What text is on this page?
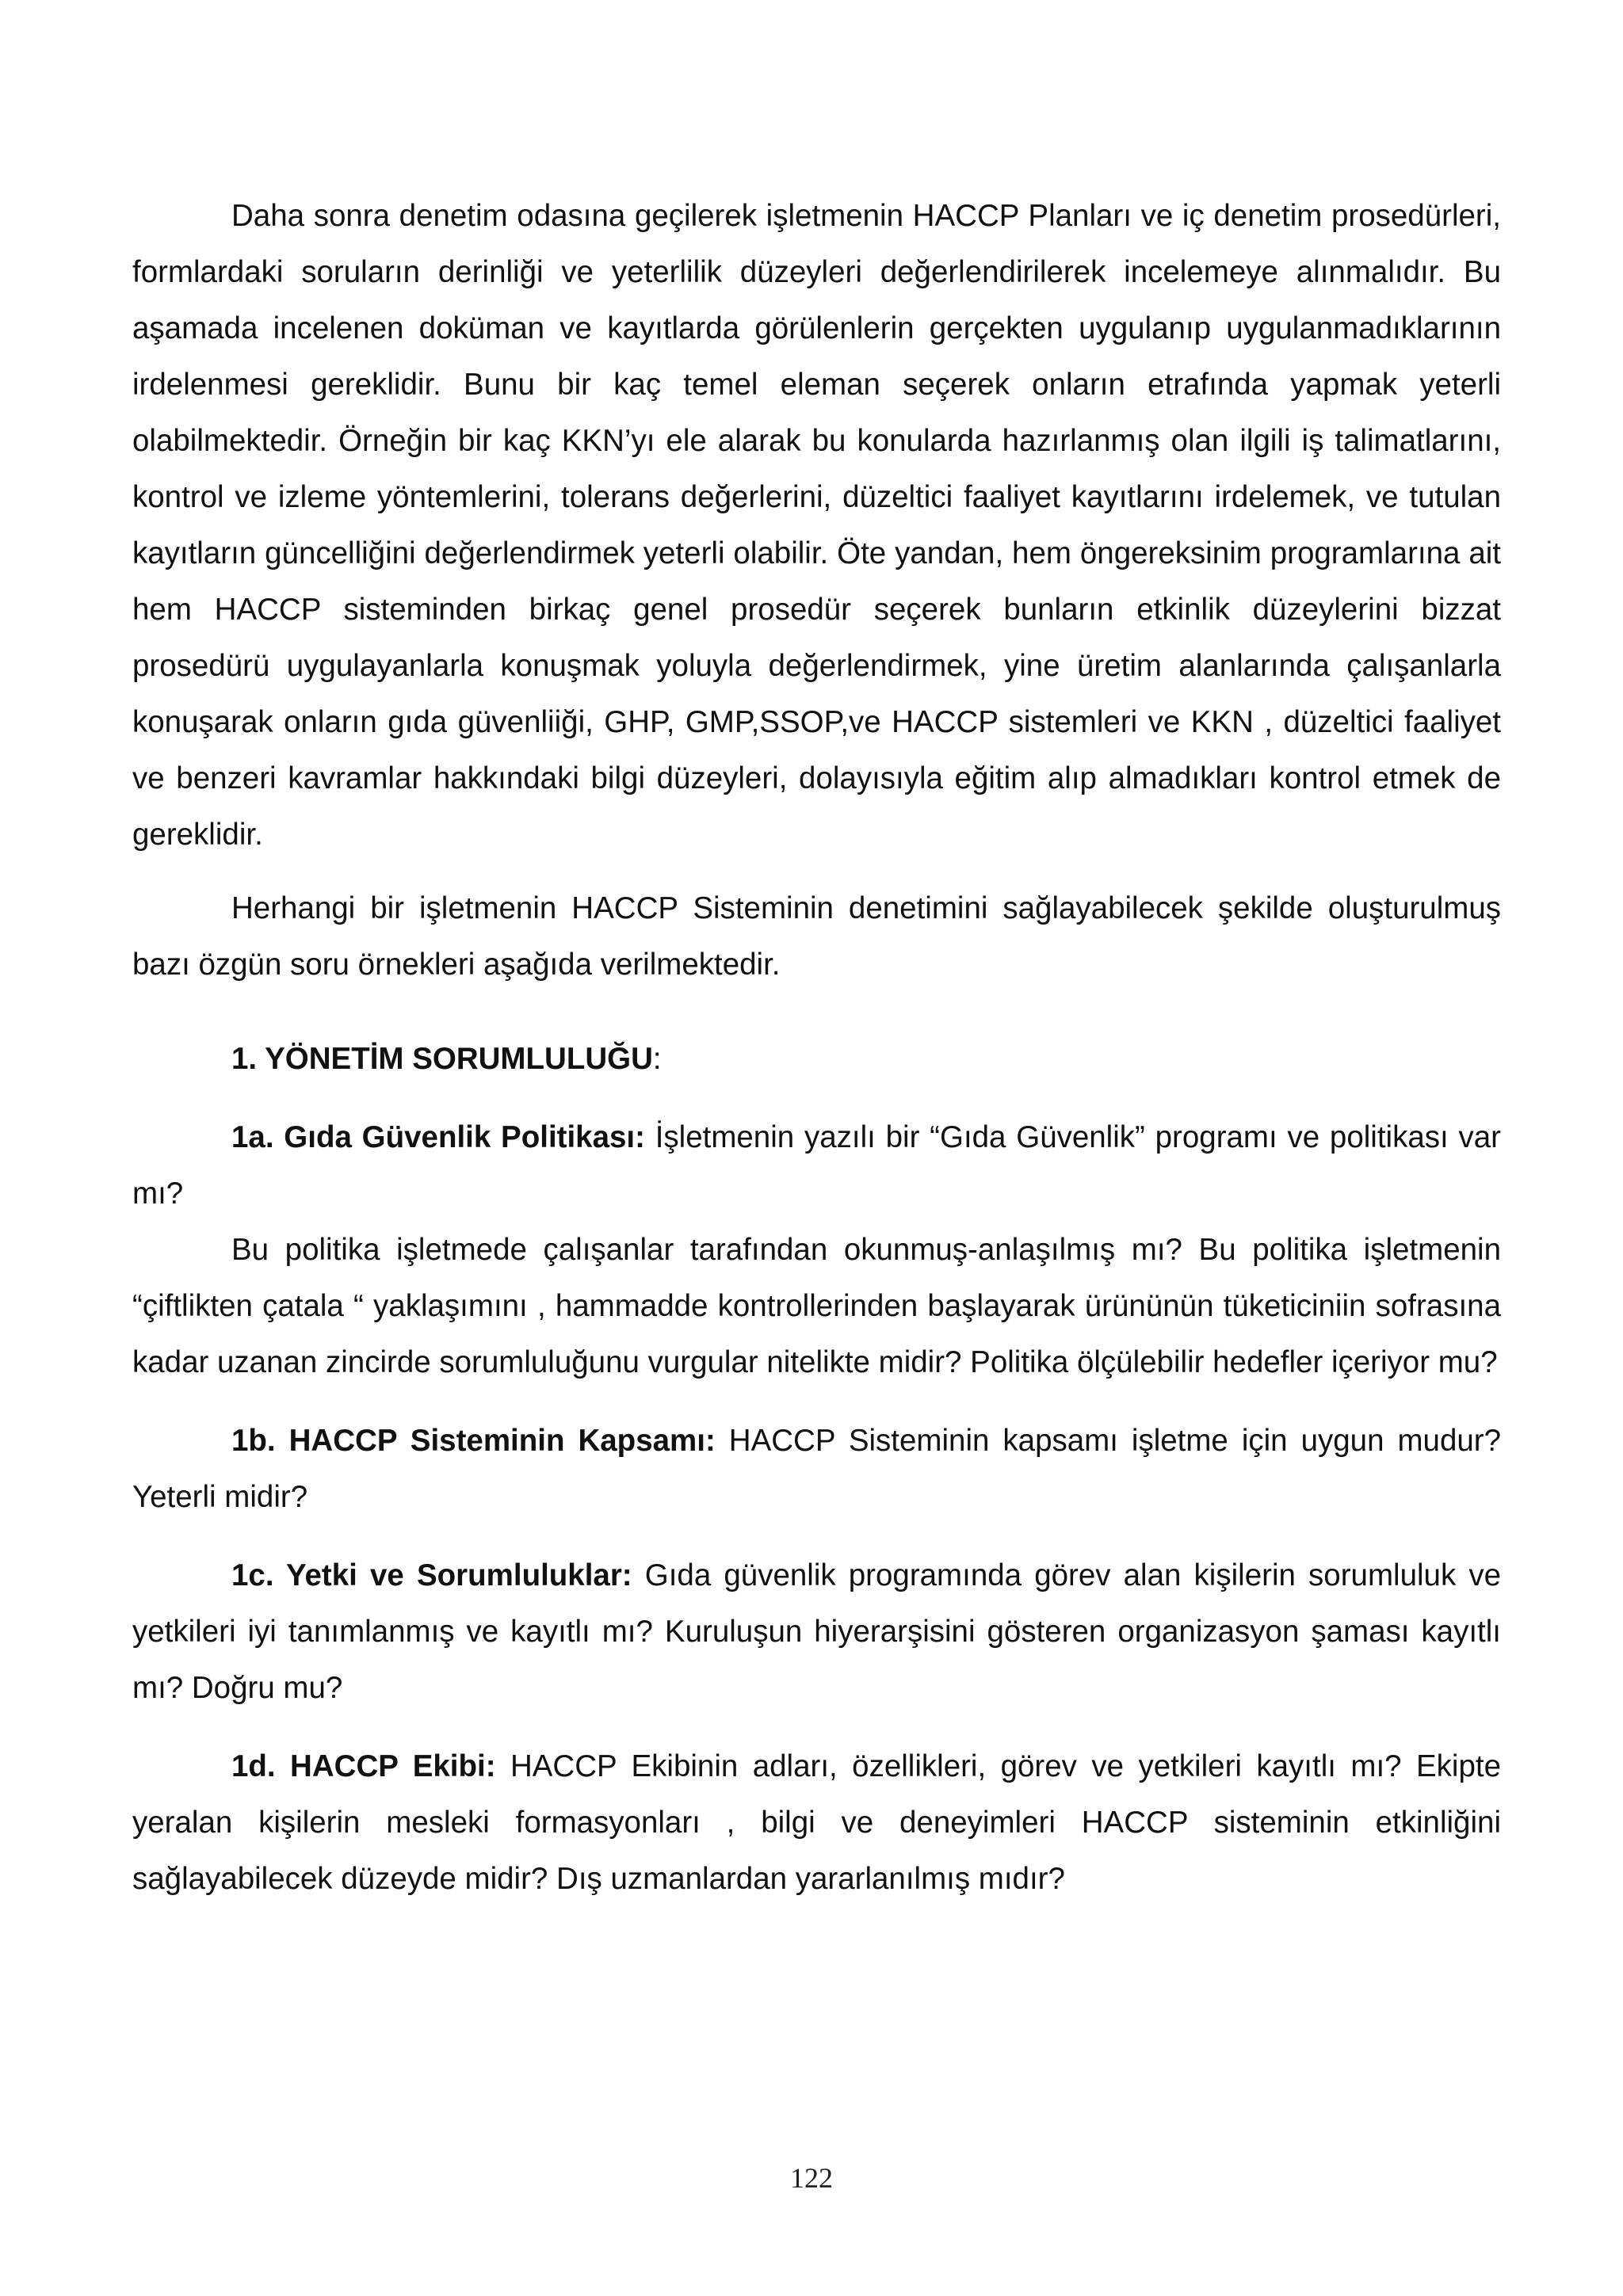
Daha sonra denetim odasına geçilerek işletmenin HACCP Planları ve iç denetim prosedürleri, formlardaki soruların derinliği ve yeterlilik düzeyleri değerlendirilerek incelemeye alınmalıdır. Bu aşamada incelenen doküman ve kayıtlarda görülenlerin gerçekten uygulanıp uygulanmadıklarının irdelenmesi gereklidir. Bunu bir kaç temel eleman seçerek onların etrafında yapmak yeterli olabilmektedir. Örneğin bir kaç KKN’yı ele alarak bu konularda hazırlanmış olan ilgili iş talimatlarını, kontrol ve izleme yöntemlerini, tolerans değerlerini, düzeltici faaliyet kayıtlarını irdelemek, ve tutulan kayıtların güncelliğini değerlendirmek yeterli olabilir. Öte yandan, hem öngereksinim programlarına ait hem HACCP sisteminden birkaç genel prosedür seçerek bunların etkinlik düzeylerini bizzat prosedürü uygulayanlarla konuşmak yoluyla değerlendirmek, yine üretim alanlarında çalışanlarla konuşarak onların gıda güvenliiği, GHP, GMP,SSOP,ve HACCP sistemleri ve KKN , düzeltici faaliyet ve benzeri kavramlar hakkındaki bilgi düzeyleri, dolayısıyla eğitim alıp almadıkları kontrol etmek de gereklidir.

Herhangi bir işletmenin HACCP Sisteminin denetimini sağlayabilecek şekilde oluşturulmuş bazı özgün soru örnekleri aşağıda verilmektedir.

1. YÖNETİM SORUMLULUĞU:

1a. Gıda Güvenlik Politikası: İşletmenin yazılı bir “Gıda Güvenlik” programı ve politikası var mı?

Bu politika işletmede çalışanlar tarafından okunmuş-anlaşılmış mı? Bu politika işletmenin “çiftlikten çatala “ yaklaşımını , hammadde kontrollerinden başlayarak ürününün tüketiciniin sofrasına kadar uzanan zincirde sorumluluğunu vurgular nitelikte midir? Politika ölçülebilir hedefler içeriyor mu?

1b. HACCP Sisteminin Kapsamı: HACCP Sisteminin kapsamı işletme için uygun mudur? Yeterli midir?

1c. Yetki ve Sorumluluklar: Gıda güvenlik programında görev alan kişilerin sorumluluk ve yetkileri iyi tanımlanmış ve kayıtlı mı? Kuruluşun hiyerarşisini gösteren organizasyon şaması kayıtlı mı? Doğru mu?

1d. HACCP Ekibi: HACCP Ekibinin adları, özellikleri, görev ve yetkileri kayıtlı mı? Ekipte yeralan kişilerin mesleki formasyonları , bilgi ve deneyimleri HACCP sisteminin etkinliğini sağlayabilecek düzeyde midir? Dış uzmanlardan yararlanılmış mıdır?

122
